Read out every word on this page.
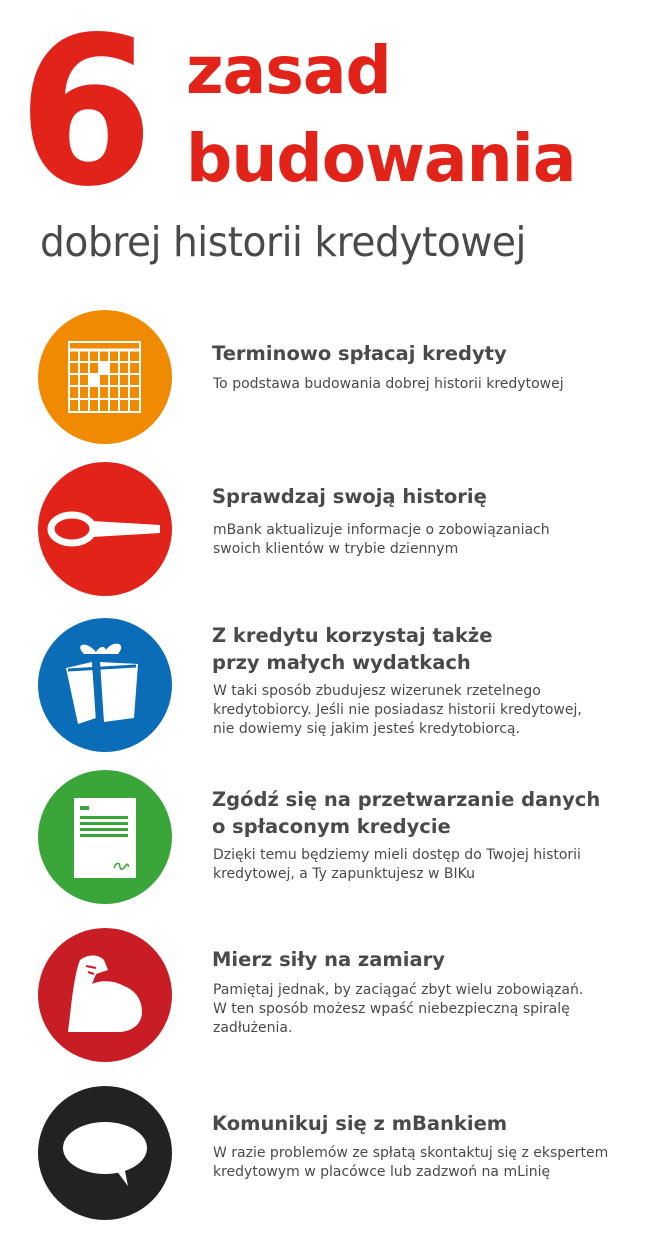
6 zasad
budowania
dobrej historii kredytowej
Terminowo spłacaj kredyty
To podstawa budowania dobrej historii kredytowej
Sprawdzaj swoją historię
mBank aktualizuje informacje o zobowiązaniach
swoich klientów w trybie dziennym
Z kredytu korzystaj także
przy małych wydatkach
W taki sposób zbudujesz wizerunek rzetelnego
kredytobiorcy. Jeśli nie posiadasz historii kredytowej,
nie dowiemy się jakim jesteś kredytobiorcą.
Zgódź się na przetwarzanie danych
o spłaconym kredycie
Dzięki temu będziemy mieli dostęp do Twojej historii
kredytowej, a Ty zapunktujesz w BIKu
Mierz siły na zamiary
Pamiętaj jednak, by zaciągać zbyt wielu zobowiązań.
W ten sposób możesz wpaść niebezpieczną spiralę
zadłużenia.
Komunikuj się z mBankiem
W razie problemów ze spłatą skontaktuj się z ekspertem
kredytowym w placówce lub zadzwoń na mLinię
